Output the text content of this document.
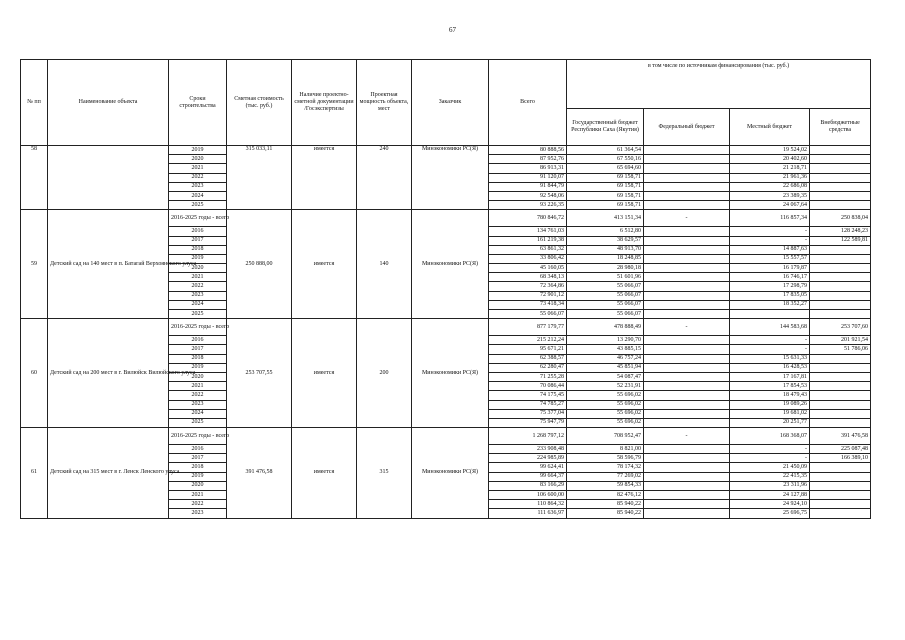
67
№ пп	Наименование объекта	Сроки строительства	Сметная стоимость (тыс. руб.)	Наличие проектно-сметной документации /Госэкспертизы	Проектная мощность объекта, мест	Заказчик	Всего	в том числе по источникам финансирования (тыс. руб.)			
								Государственный бюджет Республики Саха (Якутия)	Федеральный бюджет	Местный бюджет	Внебюджетные средства
58		2019	315 033,11	имеется	240	Минэкономики РС(Я)	80 888,56	61 364,54		19 524,02	
		2020					87 952,76	67 550,16		20 402,60	
		2021					86 913,31	65 694,60		21 218,71	
		2022					91 120,07	69 158,71		21 961,36	
		2023					91 844,79	69 158,71		22 686,08	
		2024					92 548,06	69 158,71		23 389,35	
		2025					93 226,35	69 158,71		24 067,64	
59	Детский сад на 140 мест в п. Батагай Верхоянского улуса	2016-2025 годы - всего	250 888,00	имеется	140	Минэкономики РС(Я)	780 846,72	413 151,34	-	116 857,34	250 838,04
		2016					134 761,03	6 512,80		-	128 248,23
		2017					161 219,38	38 629,57		-	122 589,81
		2018					63 861,32	48 913,70		14 887,63	
		2019					33 806,42	18 248,85		15 557,57	
		2020					45 160,05	28 980,18		16 179,87	
		2021					68 348,13	51 601,96		16 746,17	
		2022					72 364,86	55 066,07		17 298,79	
		2023					72 901,12	55 066,07		17 835,05	
		2024					73 418,34	55 066,07		18 352,27	
		2025					55 066,07	55 066,07			
60	Детский сад на 200 мест в г. Вилюйск Вилюйского улуса	2016-2025 годы - всего	253 707,55	имеется	200	Минэкономики РС(Я)	877 179,77	478 888,49	-	144 583,68	253 707,60
		2016					215 212,24	13 290,70		-	201 921,54
		2017					95 671,21	43 885,15		-	51 786,06
		2018					62 388,57	46 757,24		15 631,33	
		2019					62 280,47	45 851,94		16 428,53	
		2020					71 255,28	54 087,47		17 167,81	
		2021					70 086,44	52 231,91		17 854,53	
		2022					74 175,45	55 696,02		18 479,43	
		2023					74 785,27	55 696,02		19 089,26	
		2024					75 377,04	55 696,02		19 681,02	
		2025					75 947,79	55 696,02		20 251,77	
61	Детский сад на 315 мест в г. Ленск Ленского улуса	2016-2025 годы - всего	391 476,58	имеется	315	Минэкономики РС(Я)	1 268 797,12	708 952,47	-	168 368,07	391 476,58
		2016					233 908,48	8 821,00		-	225 087,48
		2017					224 985,89	58 596,79		-	166 389,10
		2018					99 624,41	78 174,32		21 450,09	
		2019					99 664,37	77 269,02		22 415,35	
		2020					83 166,29	59 854,33		23 311,96	
		2021					106 600,00	82 476,12		24 127,88	
		2022					110 864,32	85 940,22		24 924,10	
		2023					111 636,97	85 940,22		25 696,75	
